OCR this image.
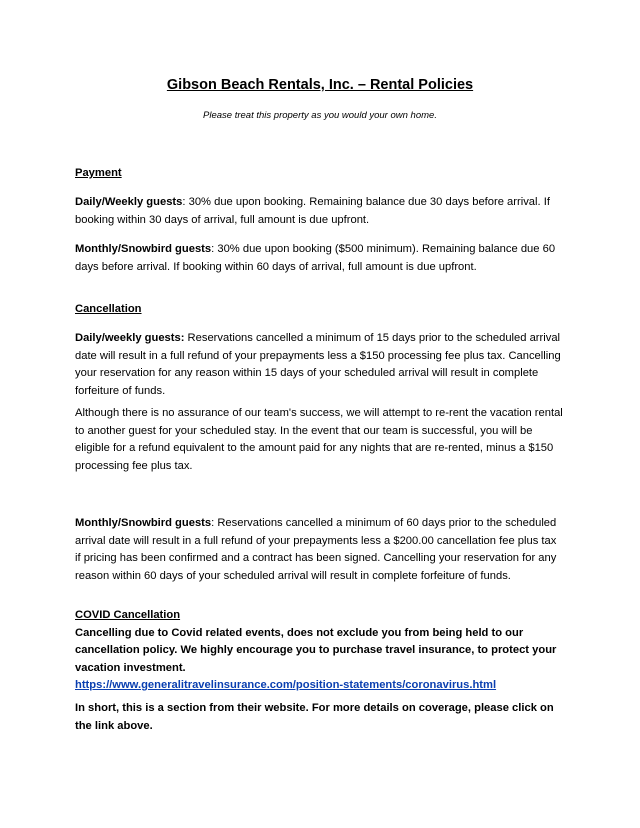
Gibson Beach Rentals, Inc. – Rental Policies

Please treat this property as you would your own home.

Payment

Daily/Weekly guests: 30% due upon booking. Remaining balance due 30 days before arrival. If booking within 30 days of arrival, full amount is due upfront.

Monthly/Snowbird guests: 30% due upon booking ($500 minimum). Remaining balance due 60 days before arrival. If booking within 60 days of arrival, full amount is due upfront.

Cancellation

Daily/weekly guests: Reservations cancelled a minimum of 15 days prior to the scheduled arrival date will result in a full refund of your prepayments less a $150 processing fee plus tax. Cancelling your reservation for any reason within 15 days of your scheduled arrival will result in complete forfeiture of funds.

Although there is no assurance of our team's success, we will attempt to re-rent the vacation rental to another guest for your scheduled stay. In the event that our team is successful, you will be eligible for a refund equivalent to the amount paid for any nights that are re-rented, minus a $150 processing fee plus tax.

Monthly/Snowbird guests: Reservations cancelled a minimum of 60 days prior to the scheduled arrival date will result in a full refund of your prepayments less a $200.00 cancellation fee plus tax if pricing has been confirmed and a contract has been signed. Cancelling your reservation for any reason within 60 days of your scheduled arrival will result in complete forfeiture of funds.

COVID Cancellation
Cancelling due to Covid related events, does not exclude you from being held to our cancellation policy. We highly encourage you to purchase travel insurance, to protect your vacation investment.
https://www.generalitravelinsurance.com/position-statements/coronavirus.html

In short, this is a section from their website. For more details on coverage, please click on the link above.
